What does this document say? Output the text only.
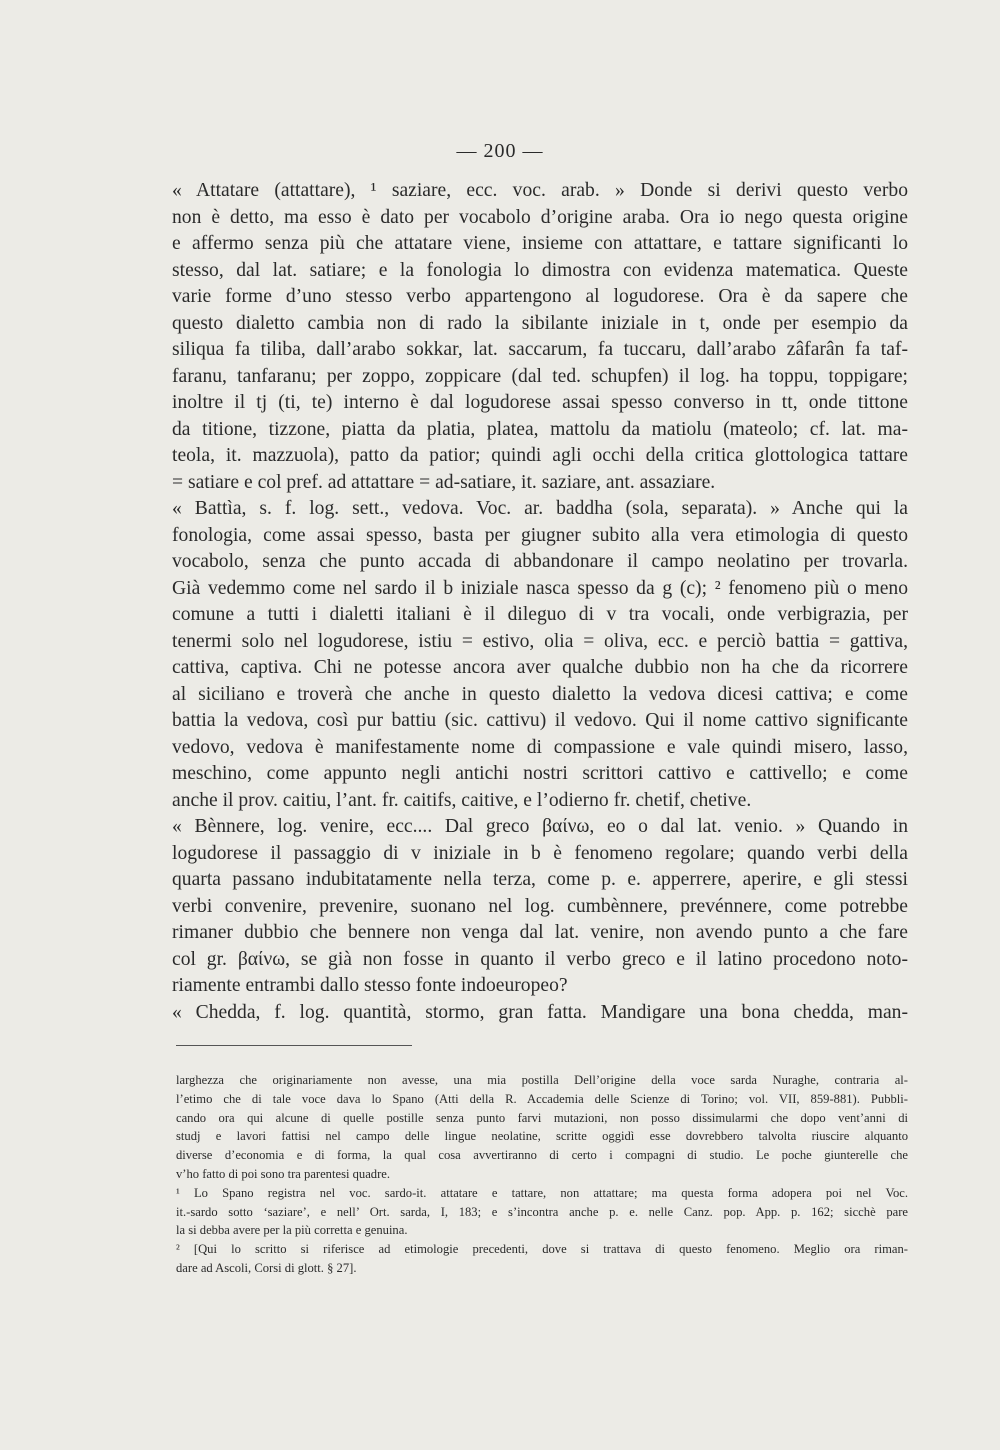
— 200 —
« Attatare (attattare), ¹ saziare, ecc. voc. arab. » Donde si derivi questo verbo
non è detto, ma esso è dato per vocabolo d’origine araba. Ora io nego questa origine
e affermo senza più che attatare viene, insieme con attattare, e tattare significanti lo
stesso, dal lat. satiare; e la fonologia lo dimostra con evidenza matematica. Queste
varie forme d’uno stesso verbo appartengono al logudorese. Ora è da sapere che
questo dialetto cambia non di rado la sibilante iniziale in t, onde per esempio da
siliqua fa tiliba, dall’arabo sokkar, lat. saccarum, fa tuccaru, dall’arabo zâfarân fa taf-
faranu, tanfaranu; per zoppo, zoppicare (dal ted. schupfen) il log. ha toppu, toppigare;
inoltre il tj (ti, te) interno è dal logudorese assai spesso converso in tt, onde tittone
da titione, tizzone, piatta da platia, platea, mattolu da matiolu (mateolo; cf. lat. ma-
teola, it. mazzuola), patto da patior; quindi agli occhi della critica glottologica tattare
= satiare e col pref. ad attattare = ad-satiare, it. saziare, ant. assaziare.
« Battìa, s. f. log. sett., vedova. Voc. ar. baddha (sola, separata). » Anche qui la
fonologia, come assai spesso, basta per giugner subito alla vera etimologia di questo
vocabolo, senza che punto accada di abbandonare il campo neolatino per trovarla.
Già vedemmo come nel sardo il b iniziale nasca spesso da g (c); ² fenomeno più o meno
comune a tutti i dialetti italiani è il dileguo di v tra vocali, onde verbigrazia, per
tenermi solo nel logudorese, istiu = estivo, olia = oliva, ecc. e perciò battia = gattiva,
cattiva, captiva. Chi ne potesse ancora aver qualche dubbio non ha che da ricorrere
al siciliano e troverà che anche in questo dialetto la vedova dicesi cattiva; e come
battia la vedova, così pur battiu (sic. cattivu) il vedovo. Qui il nome cattivo significante
vedovo, vedova è manifestamente nome di compassione e vale quindi misero, lasso,
meschino, come appunto negli antichi nostri scrittori cattivo e cattivello; e come
anche il prov. caitiu, l’ant. fr. caitifs, caitive, e l’odierno fr. chetif, chetive.
« Bènnere, log. venire, ecc.... Dal greco βαίνω, eo o dal lat. venio. » Quando in
logudorese il passaggio di v iniziale in b è fenomeno regolare; quando verbi della
quarta passano indubitatamente nella terza, come p. e. apperrere, aperire, e gli stessi
verbi convenire, prevenire, suonano nel log. cumbènnere, prevénnere, come potrebbe
rimaner dubbio che bennere non venga dal lat. venire, non avendo punto a che fare
col gr. βαίνω, se già non fosse in quanto il verbo greco e il latino procedono noto-
riamente entrambi dallo stesso fonte indoeuropeo?
« Chedda, f. log. quantità, stormo, gran fatta. Mandigare una bona chedda, man-
larghezza che originariamente non avesse, una mia postilla Dell’origine della voce sarda Nuraghe, contraria al-
l’etimo che di tale voce dava lo Spano (Atti della R. Accademia delle Scienze di Torino; vol. VII, 859-881). Pubbli-
cando ora qui alcune di quelle postille senza punto farvi mutazioni, non posso dissimularmi che dopo vent’anni di
studj e lavori fattisi nel campo delle lingue neolatine, scritte oggidì esse dovrebbero talvolta riuscire alquanto
diverse d’economia e di forma, la qual cosa avvertiranno di certo i compagni di studio. Le poche giunterelle che
v’ho fatto di poi sono tra parentesi quadre.
¹ Lo Spano registra nel voc. sardo-it. attatare e tattare, non attattare; ma questa forma adopera poi nel Voc.
it.-sardo sotto ‘saziare’, e nell’ Ort. sarda, I, 183; e s’incontra anche p. e. nelle Canz. pop. App. p. 162; sicchè pare
la si debba avere per la più corretta e genuina.
² [Qui lo scritto si riferisce ad etimologie precedenti, dove si trattava di questo fenomeno. Meglio ora riman-
dare ad Ascoli, Corsi di glott. § 27].
